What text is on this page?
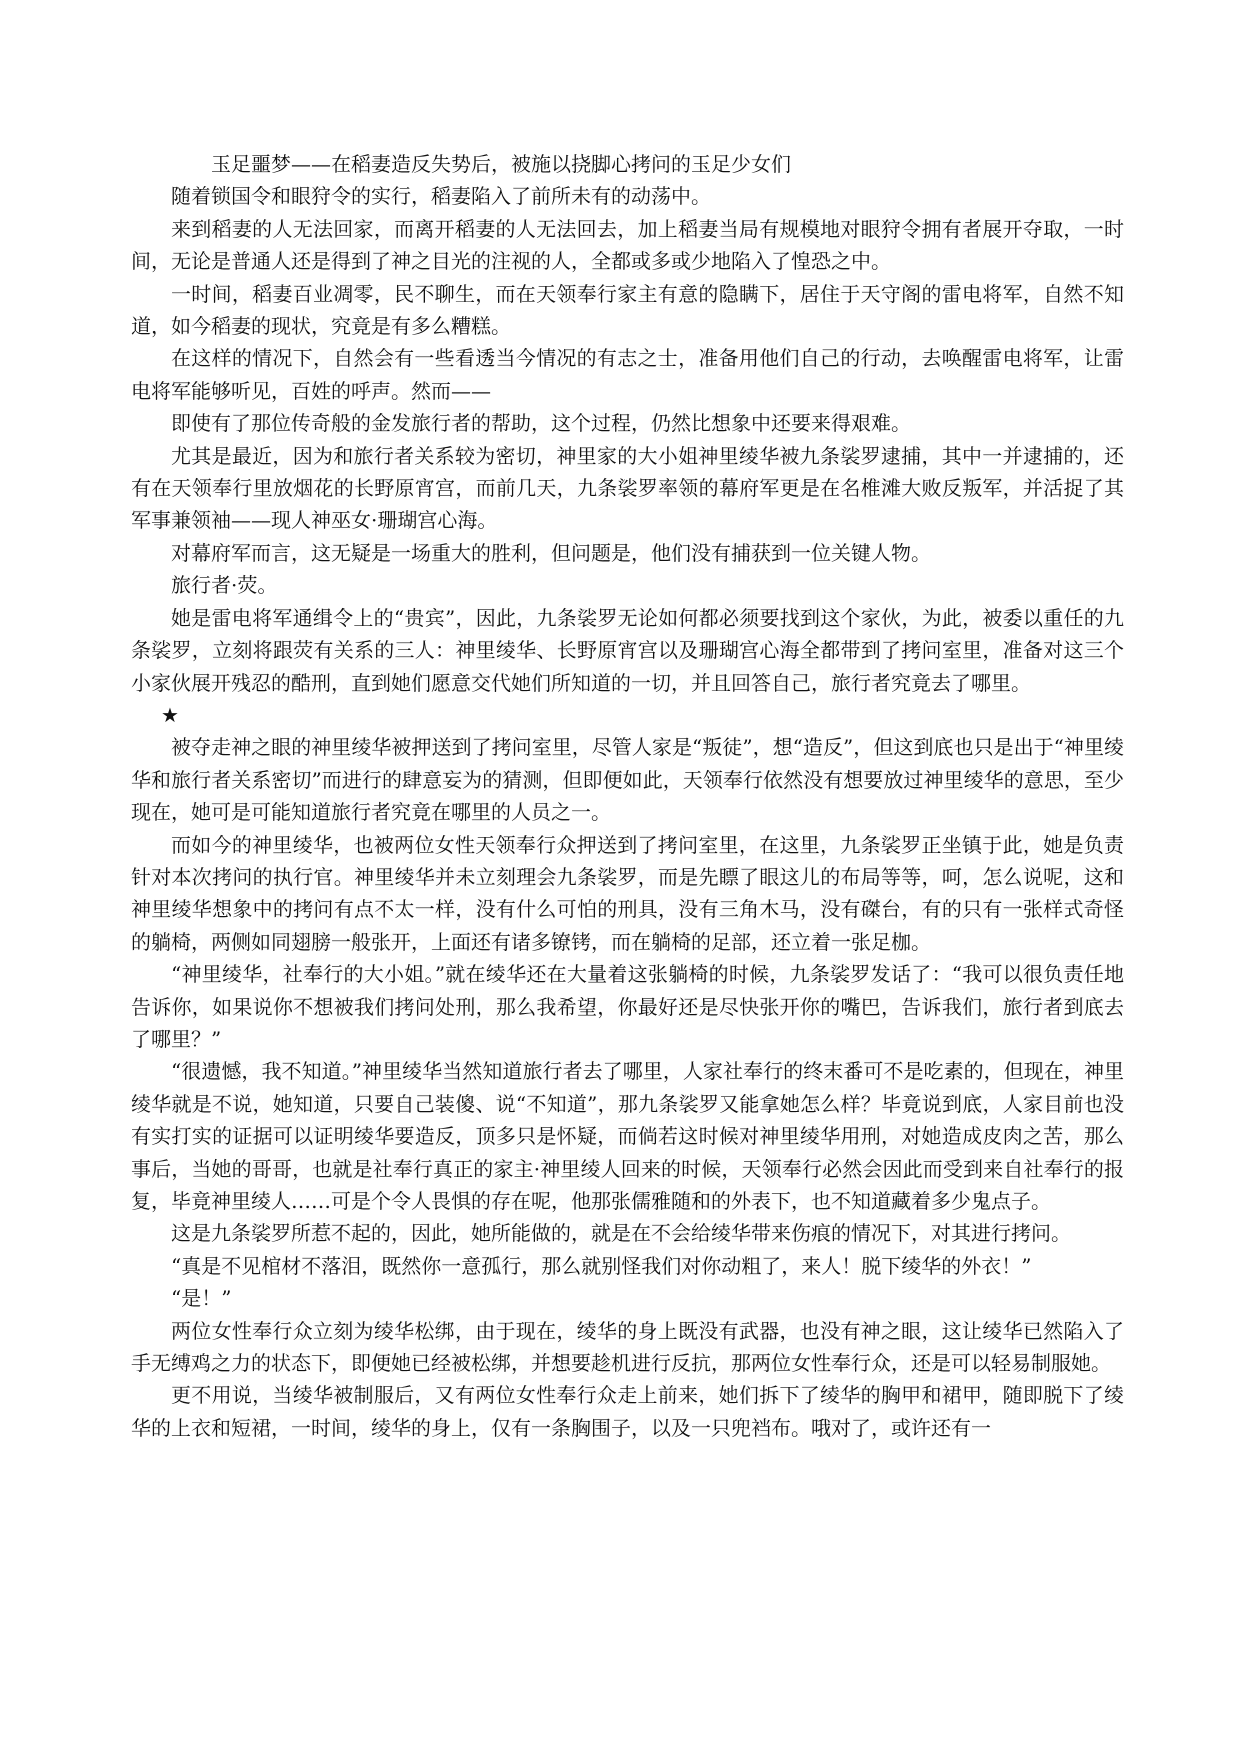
玉足噩梦——在稻妻造反失势后，被施以挠脚心拷问的玉足少女们

随着锁国令和眼狩令的实行，稻妻陷入了前所未有的动荡中。

来到稻妻的人无法回家，而离开稻妻的人无法回去，加上稻妻当局有规模地对眼狩令拥有者展开夺取，一时间，无论是普通人还是得到了神之目光的注视的人，全都或多或少地陷入了惶恐之中。

一时间，稻妻百业凋零，民不聊生，而在天领奉行家主有意的隐瞒下，居住于天守阁的雷电将军，自然不知道，如今稻妻的现状，究竟是有多么糟糕。

在这样的情况下，自然会有一些看透当今情况的有志之士，准备用他们自己的行动，去唤醒雷电将军，让雷电将军能够听见，百姓的呼声。然而——

即使有了那位传奇般的金发旅行者的帮助，这个过程，仍然比想象中还要来得艰难。

尤其是最近，因为和旅行者关系较为密切，神里家的大小姐神里绫华被九条裟罗逮捕，其中一并逮捕的，还有在天领奉行里放烟花的长野原宵宫，而前几天，九条裟罗率领的幕府军更是在名椎滩大败反叛军，并活捉了其军事兼领袖——现人神巫女·珊瑚宫心海。

对幕府军而言，这无疑是一场重大的胜利，但问题是，他们没有捕获到一位关键人物。

旅行者·荧。

她是雷电将军通缉令上的“贵宾”，因此，九条裟罗无论如何都必须要找到这个家伙，为此，被委以重任的九条裟罗，立刻将跟荧有关系的三人：神里绫华、长野原宵宫以及珊瑚宫心海全都带到了拷问室里，准备对这三个小家伙展开残忍的酷刑，直到她们愿意交代她们所知道的一切，并且回答自己，旅行者究竟去了哪里。

★

被夺走神之眼的神里绫华被押送到了拷问室里，尽管人家是“叛徒”，想“造反”，但这到底也只是出于“神里绫华和旅行者关系密切”而进行的肆意妄为的猜测，但即便如此，天领奉行依然没有想要放过神里绫华的意思，至少现在，她可是可能知道旅行者究竟在哪里的人员之一。

而如今的神里绫华，也被两位女性天领奉行众押送到了拷问室里，在这里，九条裟罗正坐镇于此，她是负责针对本次拷问的执行官。神里绫华并未立刻理会九条裟罗，而是先瞟了眼这儿的布局等等，呵，怎么说呢，这和神里绫华想象中的拷问有点不太一样，没有什么可怕的刑具，没有三角木马，没有磔台，有的只有一张样式奇怪的躺椅，两侧如同翅膀一般张开，上面还有诸多镣铐，而在躺椅的足部，还立着一张足枷。

“神里绫华，社奉行的大小姐。”就在绫华还在大量着这张躺椅的时候，九条裟罗发话了：“我可以很负责任地告诉你，如果说你不想被我们拷问处刑，那么我希望，你最好还是尽快张开你的嘴巴，告诉我们，旅行者到底去了哪里？”

“很遗憾，我不知道。”神里绫华当然知道旅行者去了哪里，人家社奉行的终末番可不是吃素的，但现在，神里绫华就是不说，她知道，只要自己装傻、说“不知道”，那九条裟罗又能拿她怎么样？毕竟说到底，人家目前也没有实打实的证据可以证明绫华要造反，顶多只是怀疑，而倘若这时候对神里绫华用刑，对她造成皮肉之苦，那么事后，当她的哥哥，也就是社奉行真正的家主·神里绫人回来的时候，天领奉行必然会因此而受到来自社奉行的报复，毕竟神里绫人……可是个令人畏惧的存在呢，他那张儒雅随和的外表下，也不知道藏着多少鬼点子。

这是九条裟罗所惹不起的，因此，她所能做的，就是在不会给绫华带来伤痕的情况下，对其进行拷问。

“真是不见棺材不落泪，既然你一意孤行，那么就别怪我们对你动粗了，来人！脱下绫华的外衣！”

“是！”

两位女性奉行众立刻为绫华松绑，由于现在，绫华的身上既没有武器，也没有神之眼，这让绫华已然陷入了手无缚鸡之力的状态下，即便她已经被松绑，并想要趁机进行反抗，那两位女性奉行众，还是可以轻易制服她。

更不用说，当绫华被制服后，又有两位女性奉行众走上前来，她们拆下了绫华的胸甲和裙甲，随即脱下了绫华的上衣和短裙，一时间，绫华的身上，仅有一条胸围子，以及一只兜裆布。哦对了，或许还有一
